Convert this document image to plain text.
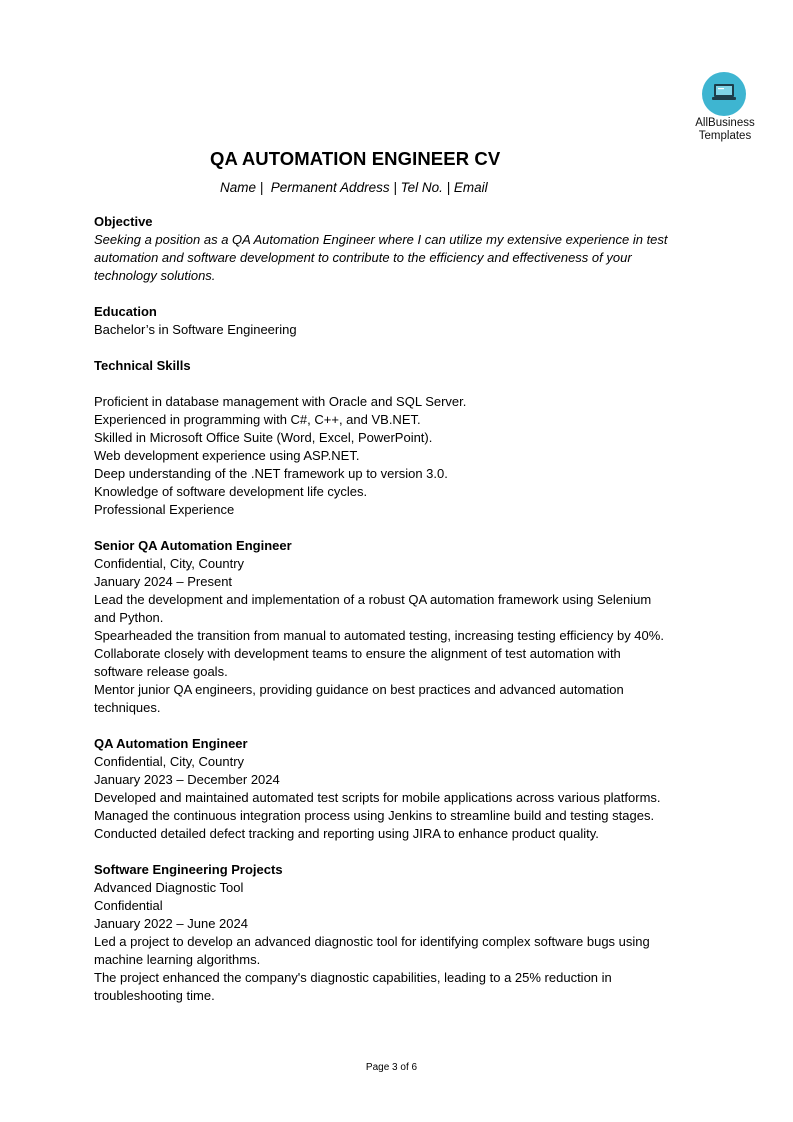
AllBusiness
Templates
QA AUTOMATION ENGINEER CV
Name |  Permanent Address | Tel No. | Email
Objective
Seeking a position as a QA Automation Engineer where I can utilize my extensive experience in test
automation and software development to contribute to the efficiency and effectiveness of your
technology solutions.
Education
Bachelor’s in Software Engineering
Technical Skills
Proficient in database management with Oracle and SQL Server.
Experienced in programming with C#, C++, and VB.NET.
Skilled in Microsoft Office Suite (Word, Excel, PowerPoint).
Web development experience using ASP.NET.
Deep understanding of the .NET framework up to version 3.0.
Knowledge of software development life cycles.
Professional Experience
Senior QA Automation Engineer
Confidential, City, Country
January 2024 – Present
Lead the development and implementation of a robust QA automation framework using Selenium
and Python.
Spearheaded the transition from manual to automated testing, increasing testing efficiency by 40%.
Collaborate closely with development teams to ensure the alignment of test automation with
software release goals.
Mentor junior QA engineers, providing guidance on best practices and advanced automation
techniques.
QA Automation Engineer
Confidential, City, Country
January 2023 – December 2024
Developed and maintained automated test scripts for mobile applications across various platforms.
Managed the continuous integration process using Jenkins to streamline build and testing stages.
Conducted detailed defect tracking and reporting using JIRA to enhance product quality.
Software Engineering Projects
Advanced Diagnostic Tool
Confidential
January 2022 – June 2024
Led a project to develop an advanced diagnostic tool for identifying complex software bugs using
machine learning algorithms.
The project enhanced the company's diagnostic capabilities, leading to a 25% reduction in
troubleshooting time.
Page 3 of 6
